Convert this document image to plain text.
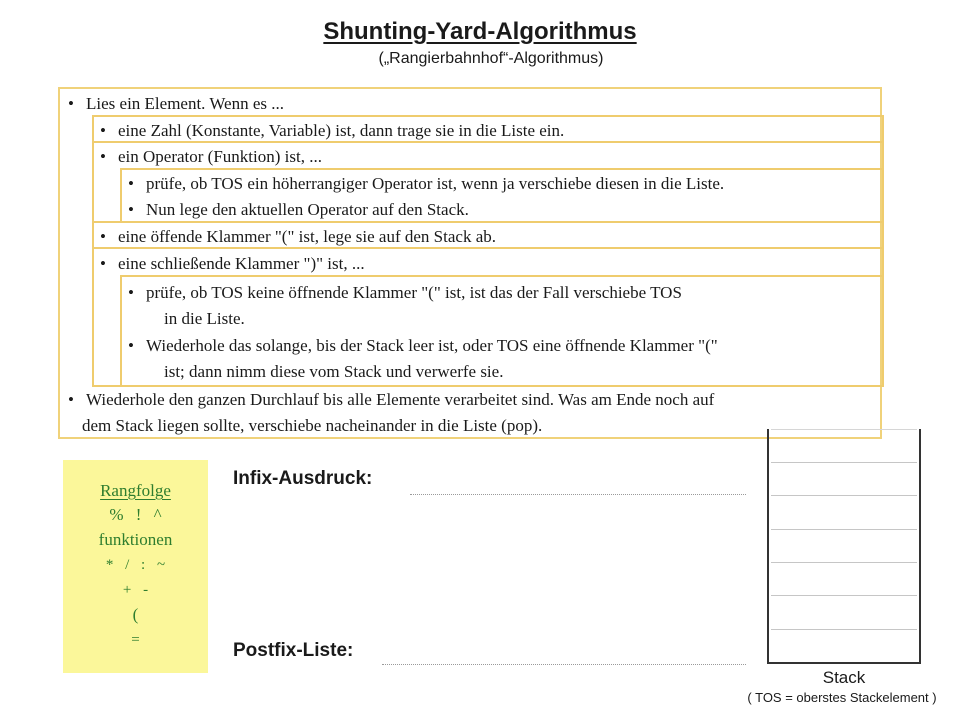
Shunting-Yard-Algorithmus
(„Rangierbahnhof“-Algorithmus)
• Lies ein Element. Wenn es ...
• eine Zahl (Konstante, Variable) ist, dann trage sie in die Liste ein.
• ein Operator (Funktion) ist, ...
• prüfe, ob TOS ein höherrangiger Operator ist, wenn ja verschiebe diesen in die Liste.
• Nun lege den aktuellen Operator auf den Stack.
• eine öffende Klammer "(" ist, lege sie auf den Stack ab.
• eine schließende Klammer ")" ist, ...
• prüfe, ob TOS keine öffnende Klammer "(" ist, ist das der Fall verschiebe TOS
in die Liste.
• Wiederhole das solange, bis der Stack leer ist, oder TOS eine öffnende Klammer "("
ist; dann nimm diese vom Stack und verwerfe sie.
• Wiederhole den ganzen Durchlauf bis alle Elemente verarbeitet sind. Was am Ende noch auf
dem Stack liegen sollte, verschiebe nacheinander in die Liste (pop).
Rangfolge
% ! ^
funktionen
* / : ~
+ -
(
=
Infix-Ausdruck:
Postfix-Liste:
Stack
( TOS = oberstes Stackelement )
